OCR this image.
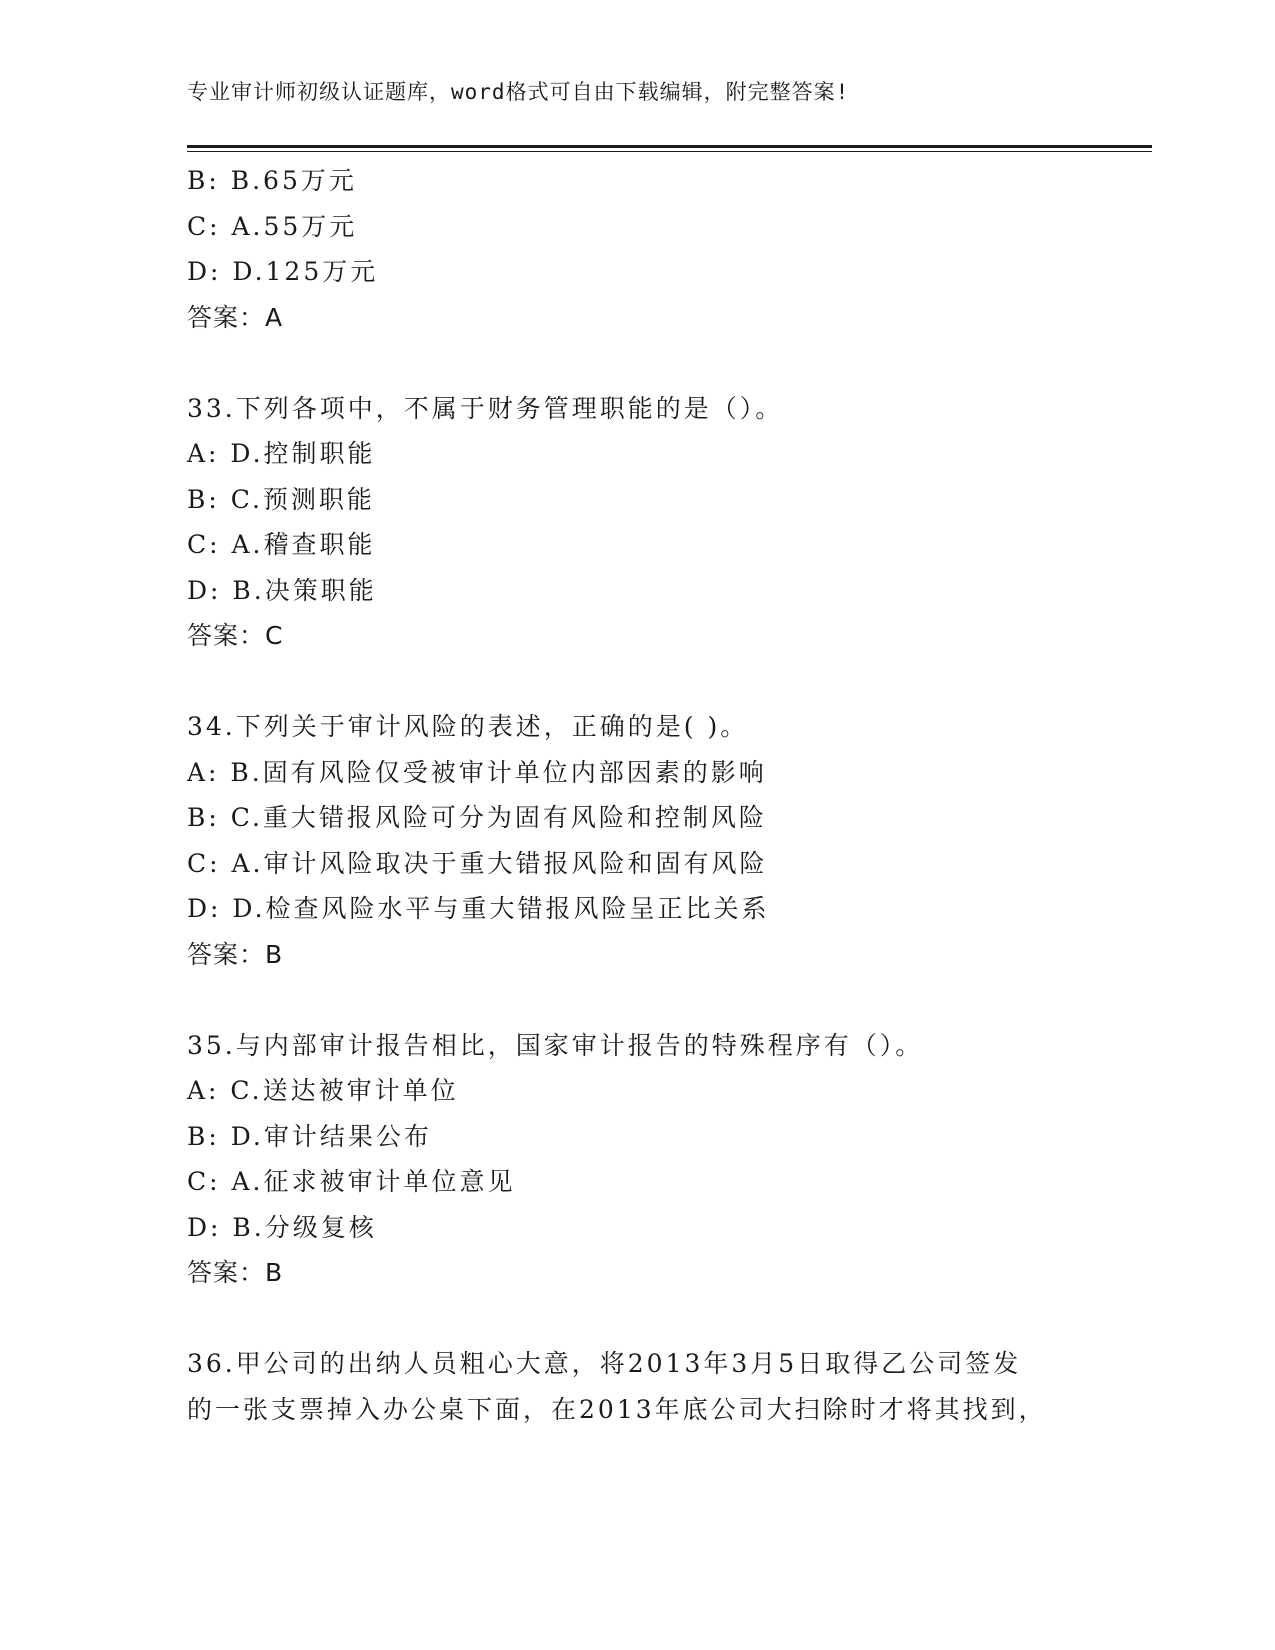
专业审计师初级认证题库，word格式可自由下载编辑，附完整答案!
B: B.65万元
C: A.55万元
D: D.125万元
答案：A
33.下列各项中，不属于财务管理职能的是（）。
A: D.控制职能
B: C.预测职能
C: A.稽查职能
D: B.决策职能
答案：C
34.下列关于审计风险的表述，正确的是( )。
A: B.固有风险仅受被审计单位内部因素的影响
B: C.重大错报风险可分为固有风险和控制风险
C: A.审计风险取决于重大错报风险和固有风险
D: D.检查风险水平与重大错报风险呈正比关系
答案：B
35.与内部审计报告相比，国家审计报告的特殊程序有（）。
A: C.送达被审计单位
B: D.审计结果公布
C: A.征求被审计单位意见
D: B.分级复核
答案：B
36.甲公司的出纳人员粗心大意，将2013年3月5日取得乙公司签发
的一张支票掉入办公桌下面，在2013年底公司大扫除时才将其找到，
